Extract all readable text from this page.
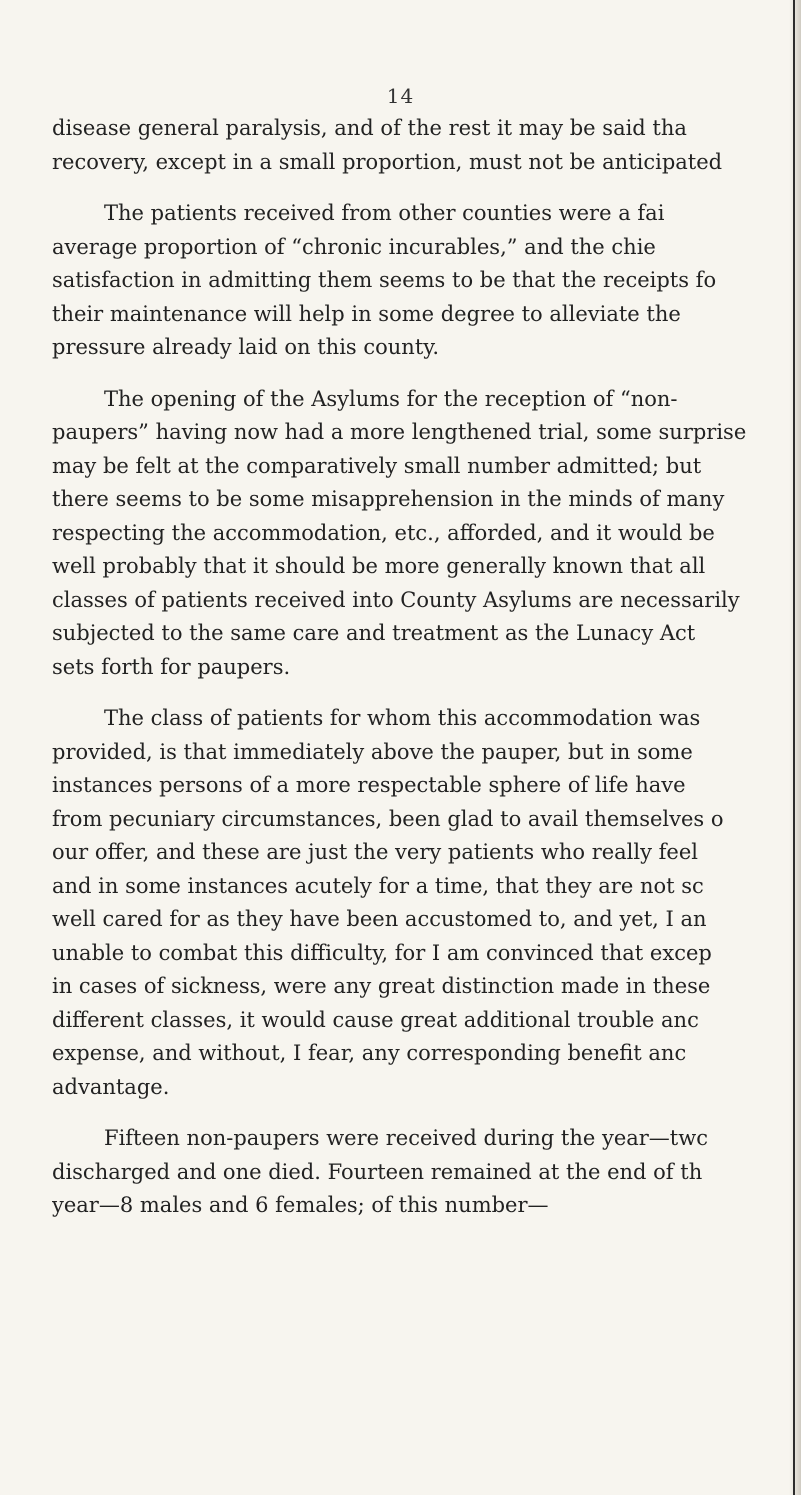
14
disease general paralysis, and of the rest it may be said tha
recovery, except in a small proportion, must not be anticipated
The patients received from other counties were a fai
average proportion of “chronic incurables,” and the chie
satisfaction in admitting them seems to be that the receipts fo
their maintenance will help in some degree to alleviate the
pressure already laid on this county.
The opening of the Asylums for the reception of “non-
paupers” having now had a more lengthened trial, some surprise
may be felt at the comparatively small number admitted; but
there seems to be some misapprehension in the minds of many
respecting the accommodation, etc., afforded, and it would be
well probably that it should be more generally known that all
classes of patients received into County Asylums are necessarily
subjected to the same care and treatment as the Lunacy Act
sets forth for paupers.
The class of patients for whom this accommodation was
provided, is that immediately above the pauper, but in some
instances persons of a more respectable sphere of life have
from pecuniary circumstances, been glad to avail themselves o
our offer, and these are just the very patients who really feel
and in some instances acutely for a time, that they are not sc
well cared for as they have been accustomed to, and yet, I an
unable to combat this difficulty, for I am convinced that excep
in cases of sickness, were any great distinction made in these
different classes, it would cause great additional trouble anc
expense, and without, I fear, any corresponding benefit anc
advantage.
Fifteen non-paupers were received during the year—twc
discharged and one died. Fourteen remained at the end of th
year—8 males and 6 females; of this number—
